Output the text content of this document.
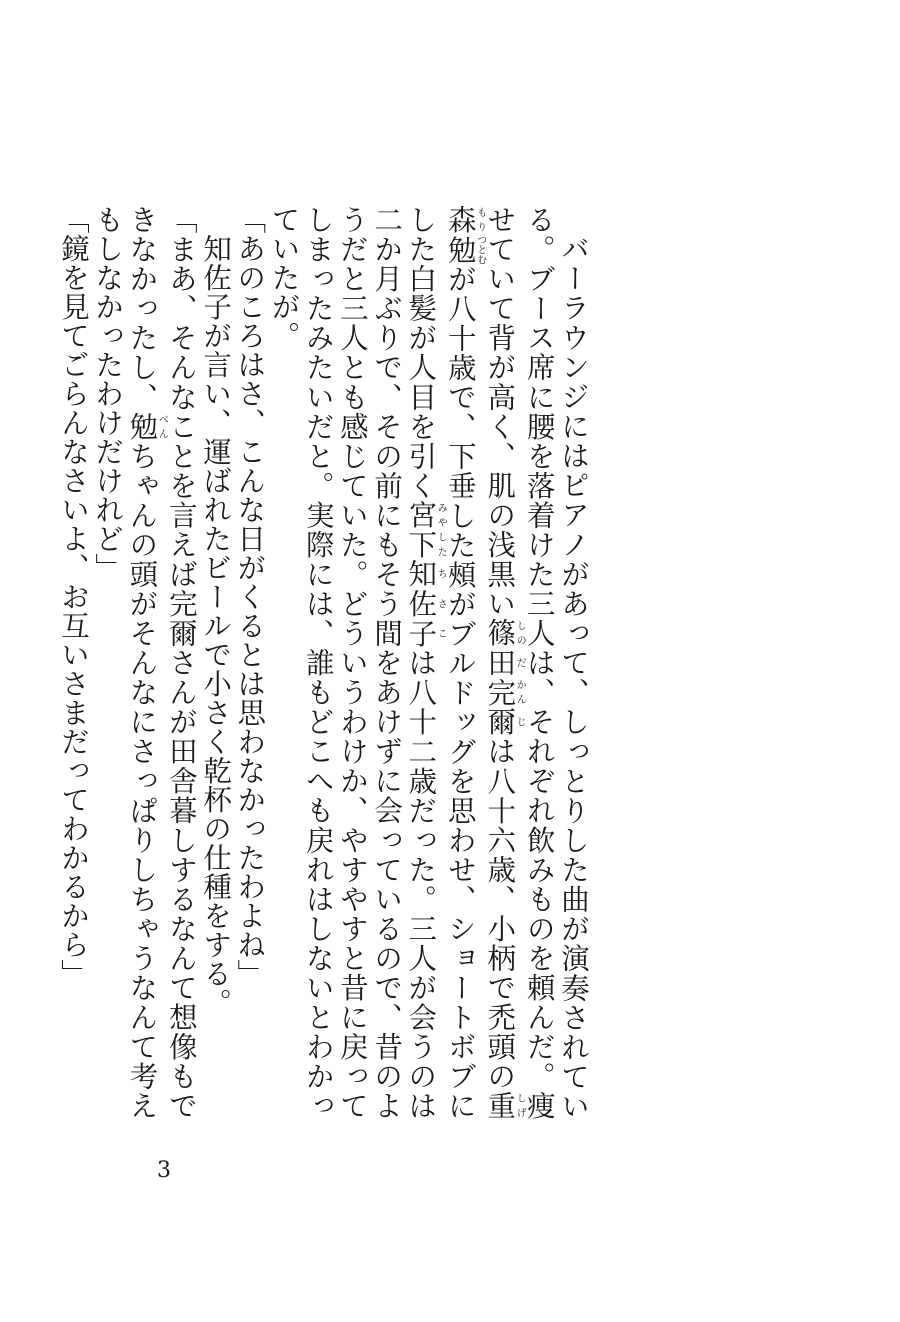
バーラウンジにはピアノがあって、しっとりした曲が演奏されている。ブース席に腰を落着けた三人は、それぞれ飲みものを頼んだ。痩せていて背が高く、肌の浅黒い篠しの田だ完かん爾じは八十六歳、小柄で禿頭の重しげ森もり勉つとむが八十歳で、下垂した頰がブルドッグを思わせ、ショートボブにした白髪が人目を引く宮みや下した知ち佐さ子こは八十二歳だった。三人が会うのは二か月ぶりで、その前にもそう間をあけずに会っているので、昔のようだと三人とも感じていた。どういうわけか、やすやすと昔に戻ってしまったみたいだと。実際には、誰もどこへも戻れはしないとわかっていたが。

「あのころはさ、こんな日がくるとは思わなかったわよね」

知佐子が言い、運ばれたビールで小さく乾杯の仕種をする。

「まあ、そんなことを言えば完爾さんが田舎暮しするなんて想像もできなかったし、勉べんちゃんの頭がそんなにさっぱりしちゃうなんて考えもしなかったわけだけれど」

「鏡を見てごらんなさいよ、お互いさまだってわかるから」

3
